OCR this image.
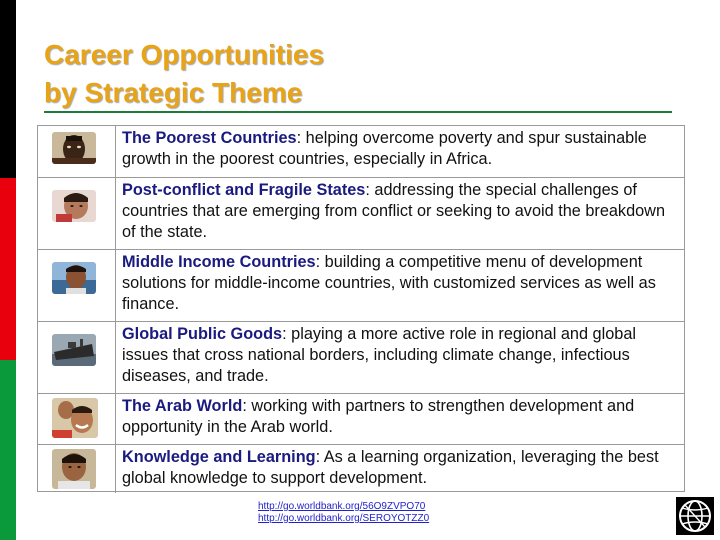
Career Opportunities
by Strategic Theme
The Poorest Countries: helping overcome poverty and spur sustainable growth in the poorest countries, especially in Africa.
Post-conflict and Fragile States: addressing the special challenges of countries that are emerging from conflict or seeking to avoid the breakdown of the state.
Middle Income Countries: building a competitive menu of development solutions for middle-income countries, with customized services as well as finance.
Global Public Goods: playing a more active role in regional and global issues that cross national borders, including climate change, infectious diseases, and trade.
The Arab World: working with partners to strengthen development and opportunity in the Arab world.
Knowledge and Learning: As a learning organization, leveraging the best global knowledge to support development.
http://go.worldbank.org/56O9ZVPO70
http://go.worldbank.org/SEROYOTZZ0
